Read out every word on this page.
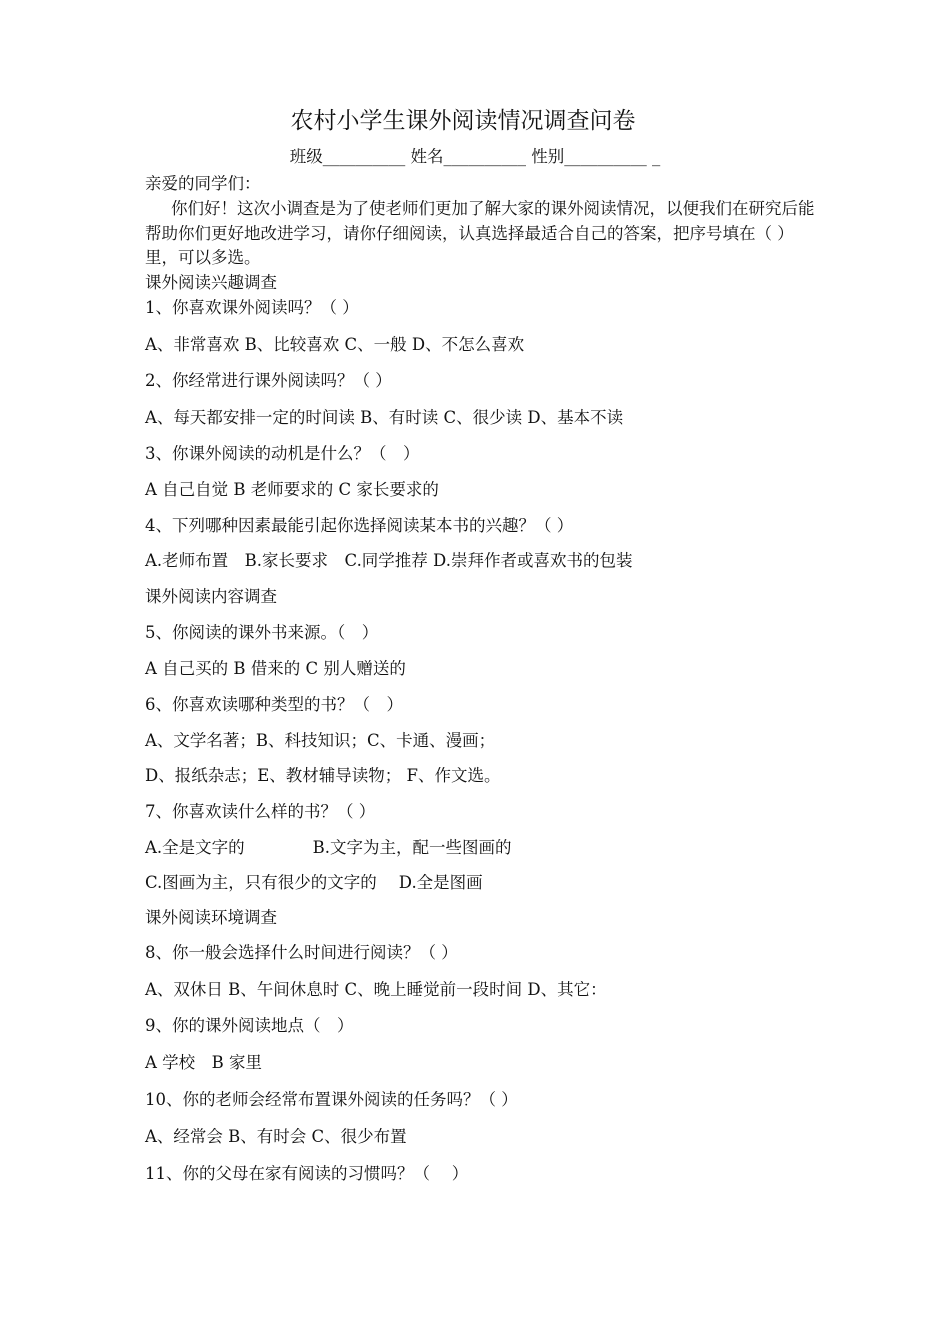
农村小学生课外阅读情况调查问卷
班级__________ 姓名__________ 性别__________ _
亲爱的同学们：
你们好！这次小调查是为了使老师们更加了解大家的课外阅读情况，以便我们在研究后能帮助你们更好地改进学习，请你仔细阅读，认真选择最适合自己的答案，把序号填在（ ）里，可以多选。
课外阅读兴趣调查
1、你喜欢课外阅读吗？（ ）
A、非常喜欢 B、比较喜欢 C、一般 D、不怎么喜欢
2、你经常进行课外阅读吗？（ ）
A、每天都安排一定的时间读 B、有时读 C、很少读 D、基本不读
3、你课外阅读的动机是什么？（　）
A 自己自觉 B 老师要求的 C 家长要求的
4、下列哪种因素最能引起你选择阅读某本书的兴趣？（ ）
A.老师布置　B.家长要求　C.同学推荐 D.崇拜作者或喜欢书的包装
课外阅读内容调查
5、你阅读的课外书来源。（　）
A 自己买的 B 借来的 C 别人赠送的
6、你喜欢读哪种类型的书？（　）
A、文学名著；B、科技知识；C、卡通、漫画；
D、报纸杂志；E、教材辅导读物； F、作文选。
7、你喜欢读什么样的书？（ ）
A.全是文字的	B.文字为主，配一些图画的
C.图画为主，只有很少的文字的 D.全是图画
课外阅读环境调查
8、你一般会选择什么时间进行阅读？（ ）
A、双休日 B、午间休息时 C、晚上睡觉前一段时间 D、其它：
9、你的课外阅读地点（　）
A 学校　B 家里
10、你的老师会经常布置课外阅读的任务吗？（ ）
A、经常会 B、有时会 C、很少布置
11、你的父母在家有阅读的习惯吗？（　 ）
